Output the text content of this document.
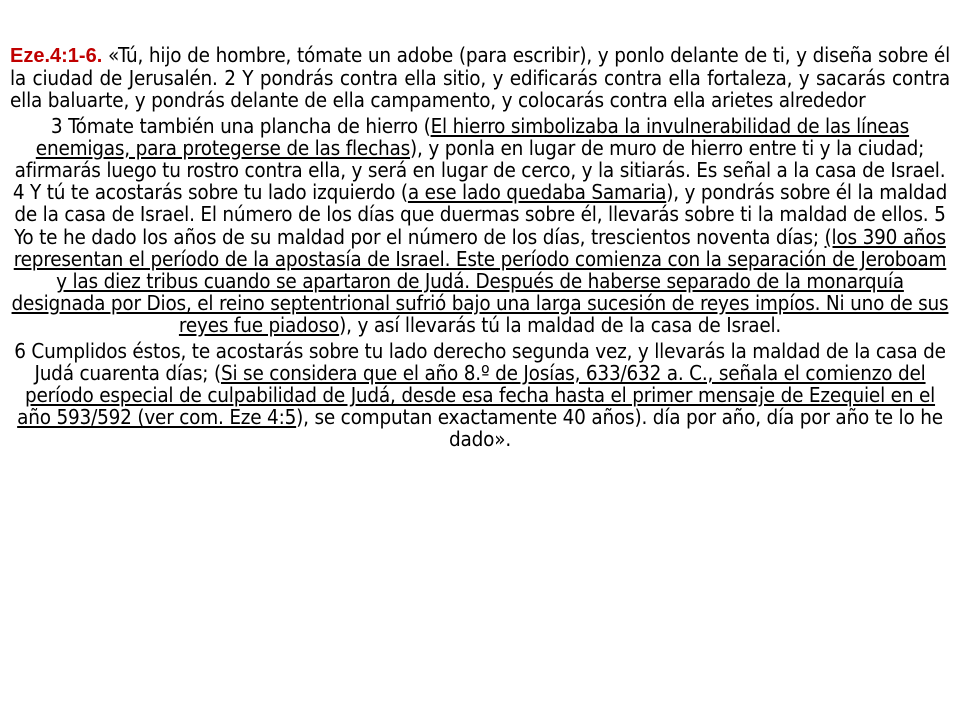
Eze.4:1-6. «Tú, hijo de hombre, tómate un adobe (para escribir), y ponlo delante de ti, y diseña sobre él la ciudad de Jerusalén. 2 Y pondrás contra ella sitio, y edificarás contra ella fortaleza, y sacarás contra ella baluarte, y pondrás delante de ella campamento, y colocarás contra ella arietes alrededor

3 Tómate también una plancha de hierro (El hierro simbolizaba la invulnerabilidad de las líneas enemigas, para protegerse de las flechas), y ponla en lugar de muro de hierro entre ti y la ciudad; afirmarás luego tu rostro contra ella, y será en lugar de cerco, y la sitiarás. Es señal a la casa de Israel. 4 Y tú te acostarás sobre tu lado izquierdo (a ese lado quedaba Samaria), y pondrás sobre él la maldad de la casa de Israel. El número de los días que duermas sobre él, llevarás sobre ti la maldad de ellos. 5 Yo te he dado los años de su maldad por el número de los días, trescientos noventa días; (los 390 años representan el período de la apostasía de Israel. Este período comienza con la separación de Jeroboam y las diez tribus cuando se apartaron de Judá. Después de haberse separado de la monarquía designada por Dios, el reino septentrional sufrió bajo una larga sucesión de reyes impíos. Ni uno de sus reyes fue piadoso), y así llevarás tú la maldad de la casa de Israel.

6 Cumplidos éstos, te acostarás sobre tu lado derecho segunda vez, y llevarás la maldad de la casa de Judá cuarenta días; (Si se considera que el año 8.º de Josías, 633/632 a. C., señala el comienzo del período especial de culpabilidad de Judá, desde esa fecha hasta el primer mensaje de Ezequiel en el año 593/592 (ver com. Eze 4:5), se computan exactamente 40 años). día por año, día por año te lo he dado».
